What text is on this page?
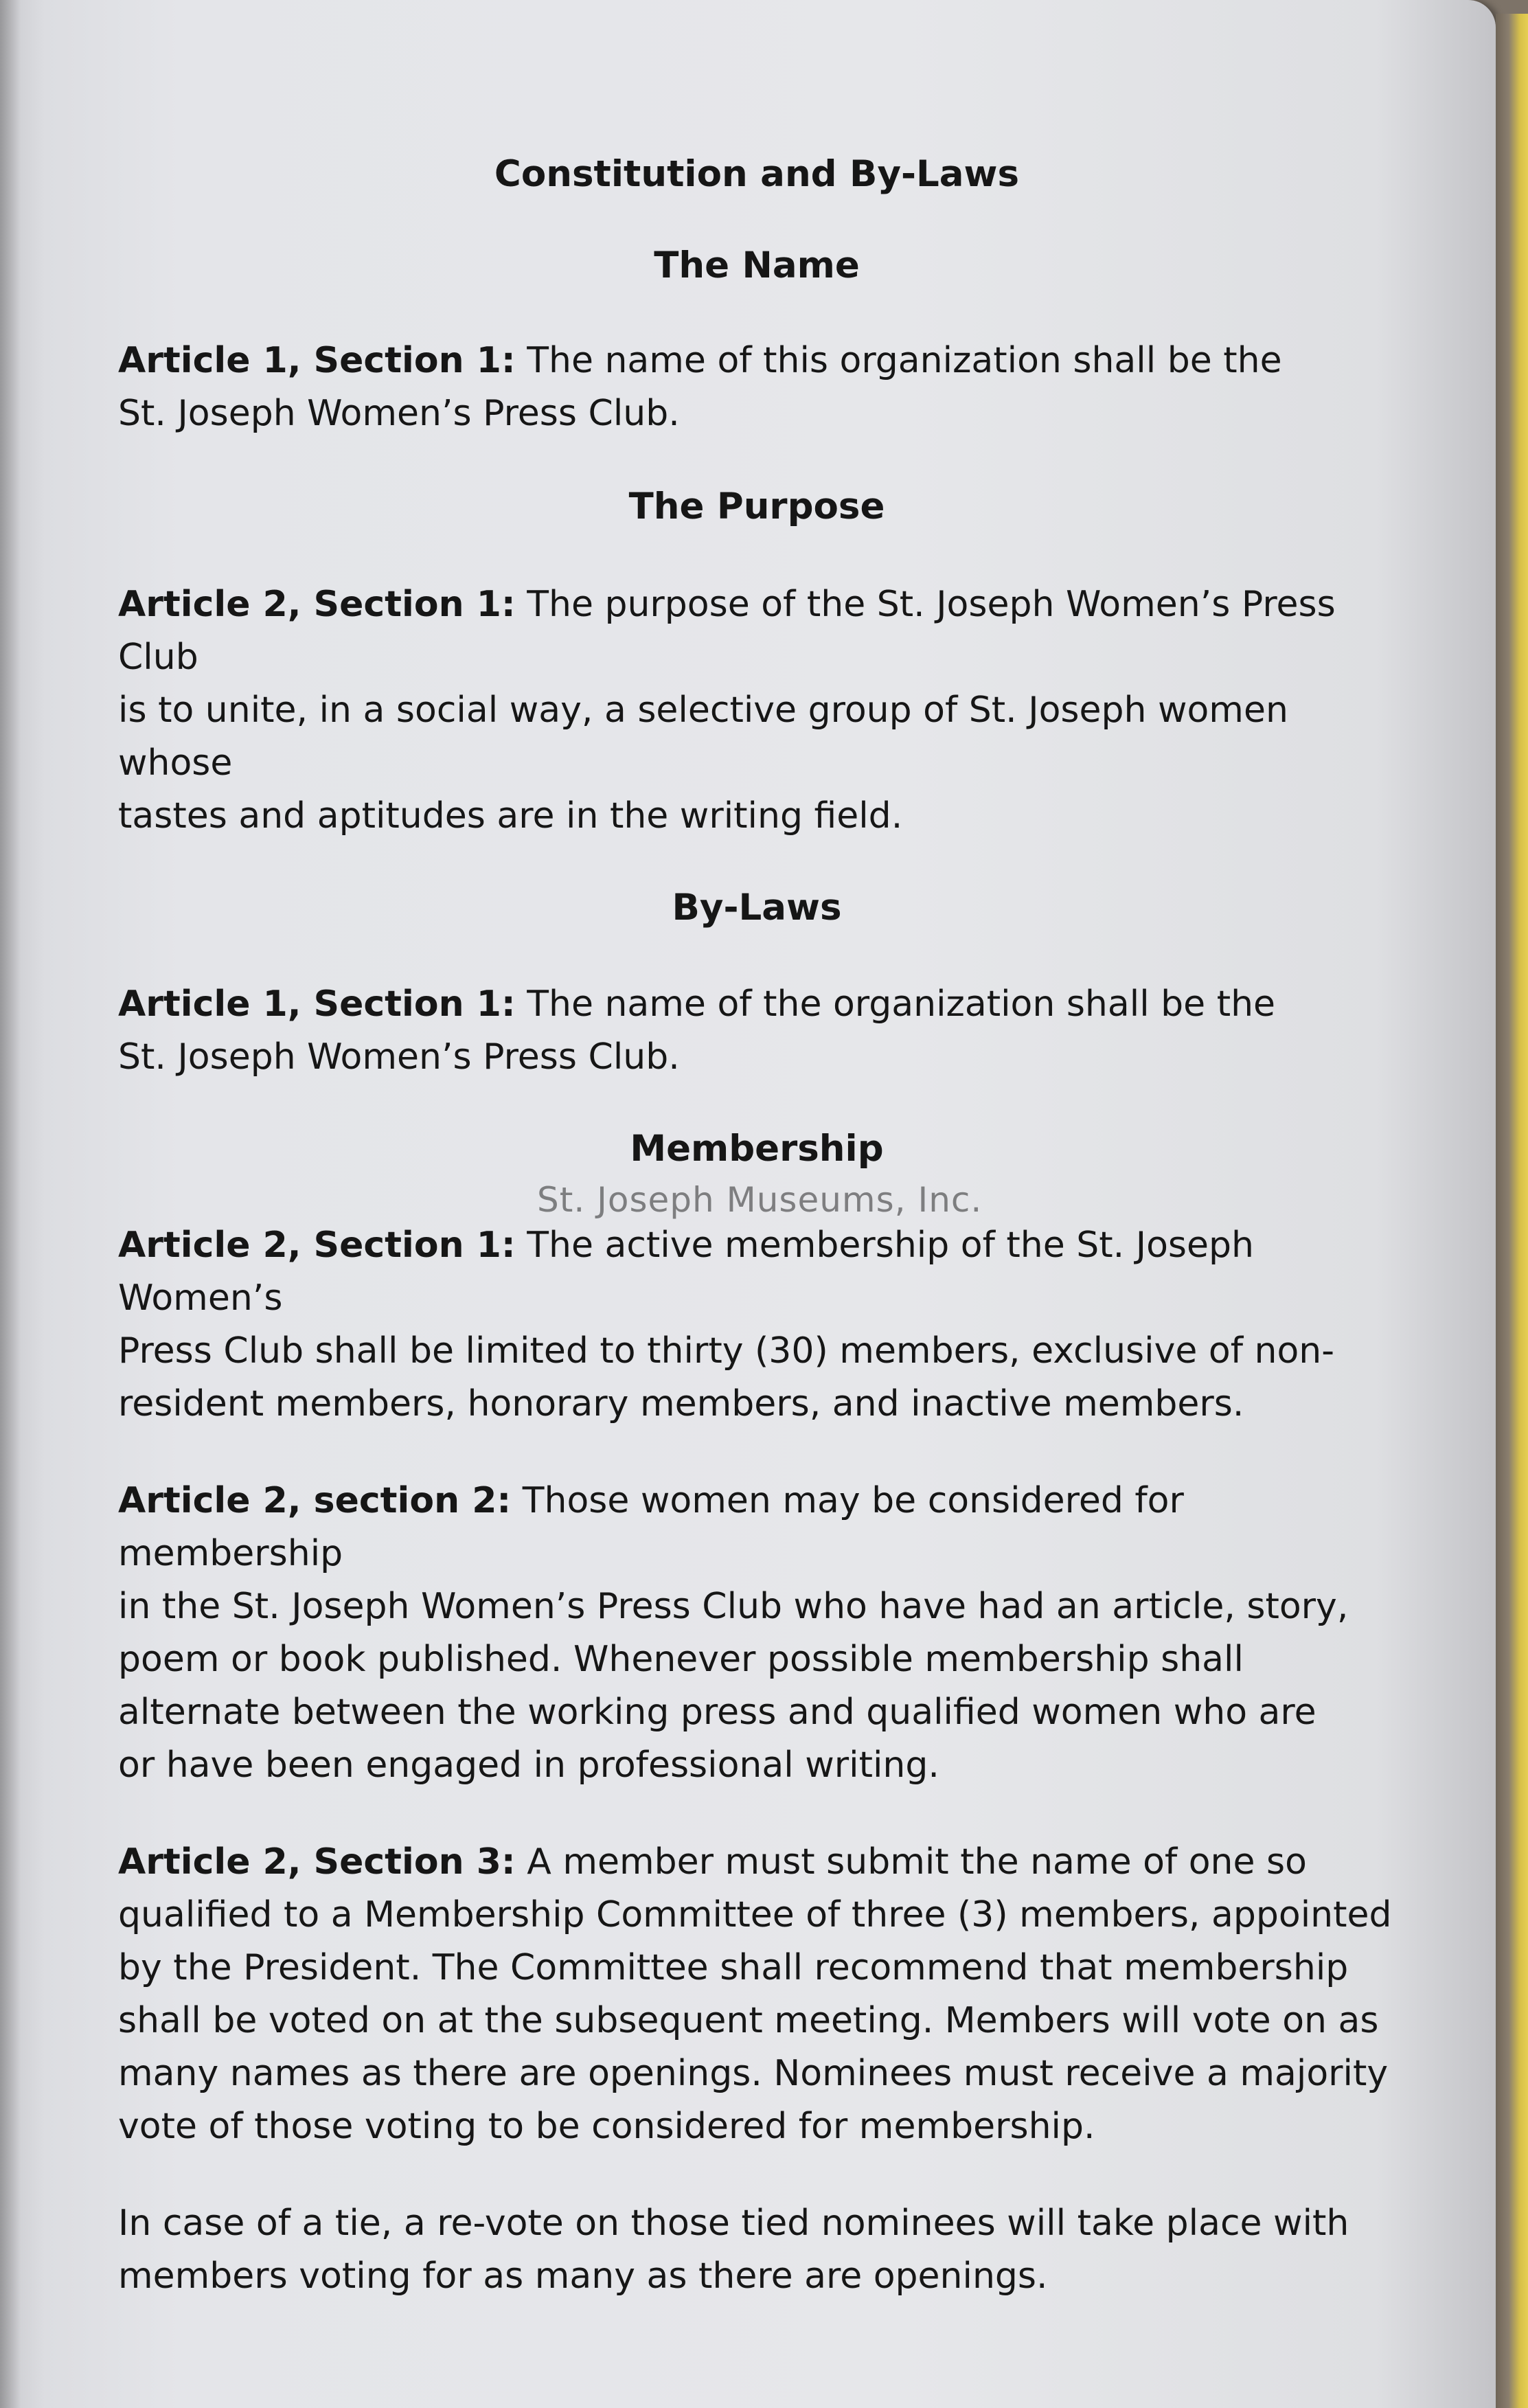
Constitution and By-Laws
The Name

Article 1, Section 1: The name of this organization shall be the
St. Joseph Women’s Press Club.

The Purpose

Article 2, Section 1: The purpose of the St. Joseph Women’s Press Club
is to unite, in a social way, a selective group of St. Joseph women whose
tastes and aptitudes are in the writing field.

By-Laws

Article 1, Section 1: The name of the organization shall be the
St. Joseph Women’s Press Club.

Membership

Article 2, Section 1: The active membership of the St. Joseph Women’s
Press Club shall be limited to thirty (30) members, exclusive of non-
resident members, honorary members, and inactive members.

Article 2, section 2: Those women may be considered for membership
in the St. Joseph Women’s Press Club who have had an article, story,
poem or book published. Whenever possible membership shall
alternate between the working press and qualified women who are
or have been engaged in professional writing.

Article 2, Section 3: A member must submit the name of one so
qualified to a Membership Committee of three (3) members, appointed
by the President. The Committee shall recommend that membership
shall be voted on at the subsequent meeting. Members will vote on as
many names as there are openings. Nominees must receive a majority
vote of those voting to be considered for membership.

In case of a tie, a re-vote on those tied nominees will take place with
members voting for as many as there are openings.

St. Joseph Museums, Inc.
